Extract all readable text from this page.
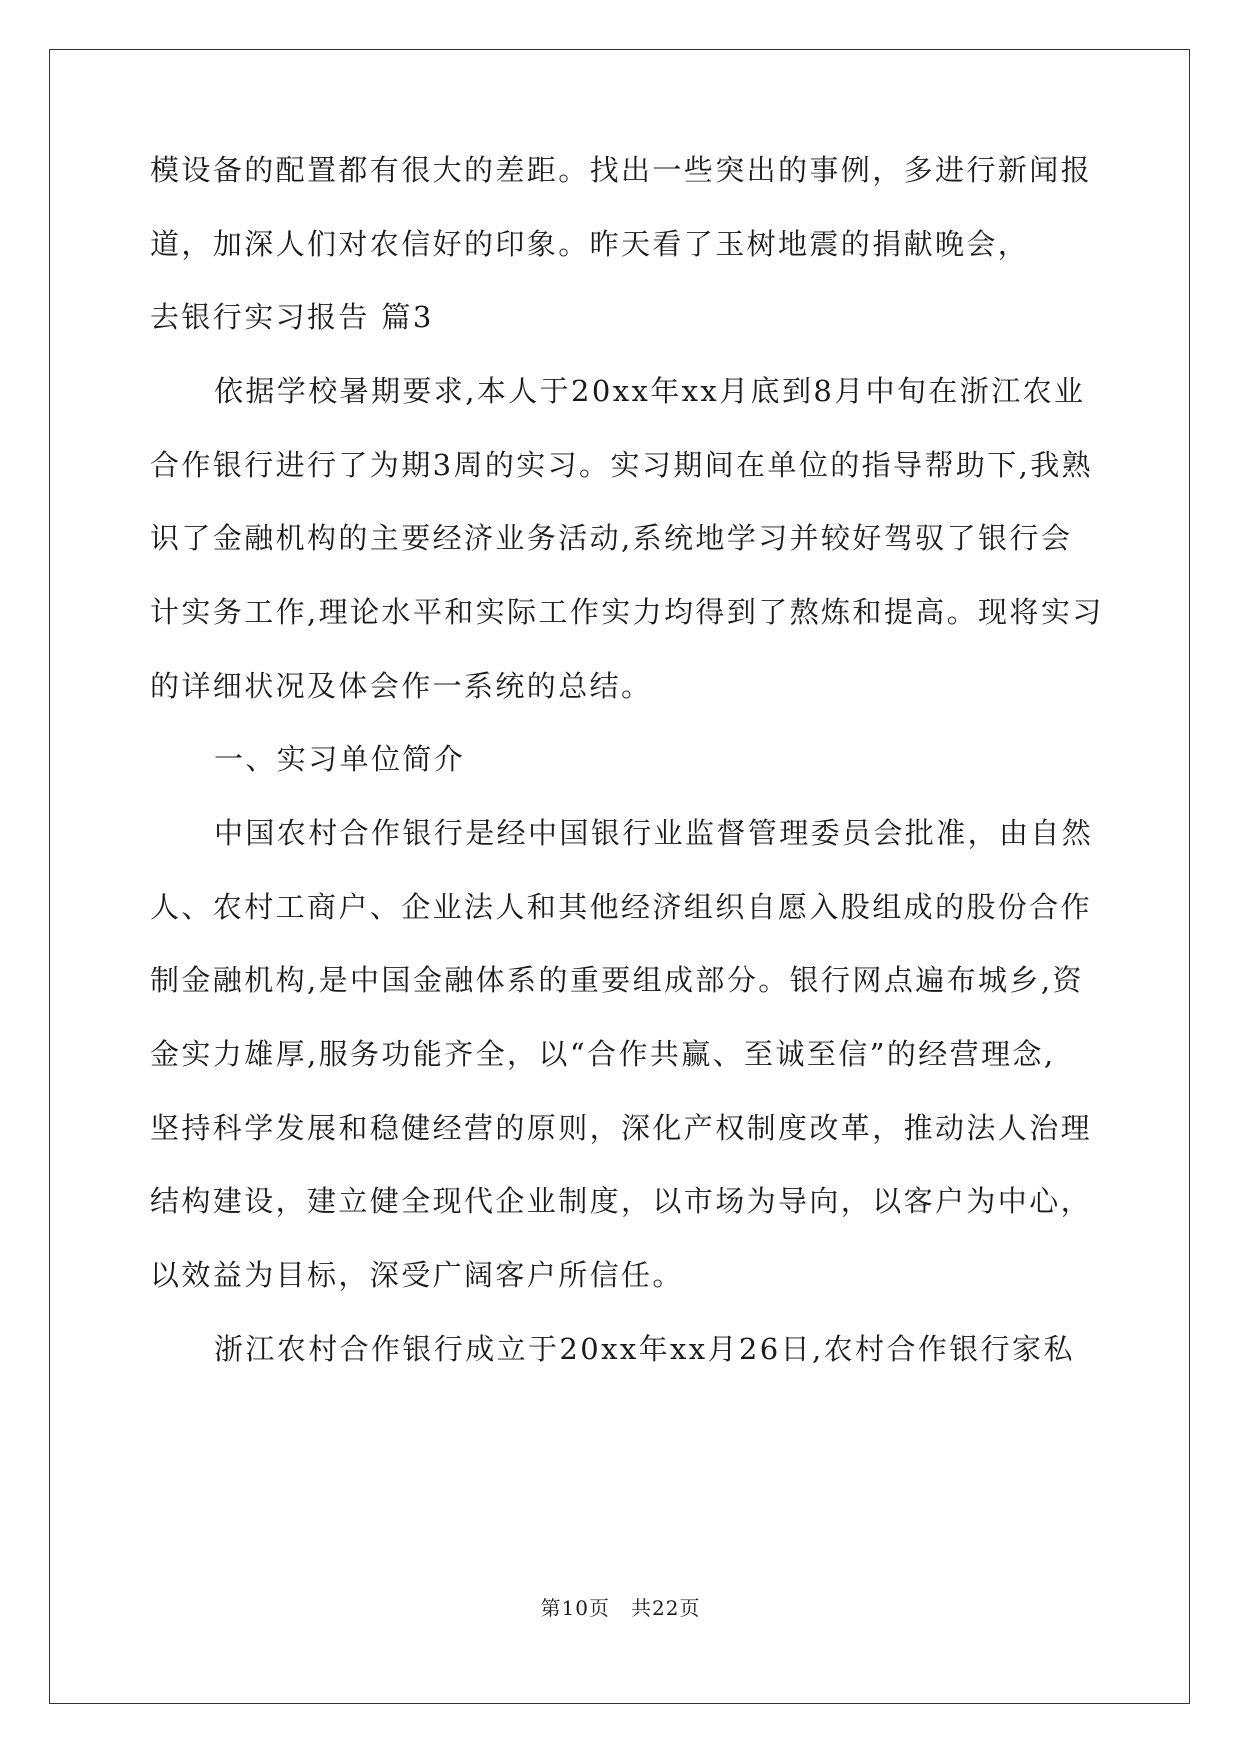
模设备的配置都有很大的差距。找出一些突出的事例，多进行新闻报
道，加深人们对农信好的印象。昨天看了玉树地震的捐献晚会，
去银行实习报告 篇3
依据学校暑期要求,本人于20xx年xx月底到8月中旬在浙江农业
合作银行进行了为期3周的实习。实习期间在单位的指导帮助下,我熟
识了金融机构的主要经济业务活动,系统地学习并较好驾驭了银行会
计实务工作,理论水平和实际工作实力均得到了熬炼和提高。现将实习
的详细状况及体会作一系统的总结。
一、实习单位简介
中国农村合作银行是经中国银行业监督管理委员会批准，由自然
人、农村工商户、企业法人和其他经济组织自愿入股组成的股份合作
制金融机构,是中国金融体系的重要组成部分。银行网点遍布城乡,资
金实力雄厚,服务功能齐全，以“合作共赢、至诚至信”的经营理念,
坚持科学发展和稳健经营的原则，深化产权制度改革，推动法人治理
结构建设，建立健全现代企业制度，以市场为导向，以客户为中心，
以效益为目标，深受广阔客户所信任。
浙江农村合作银行成立于20xx年xx月26日,农村合作银行家私
第10页　共22页
